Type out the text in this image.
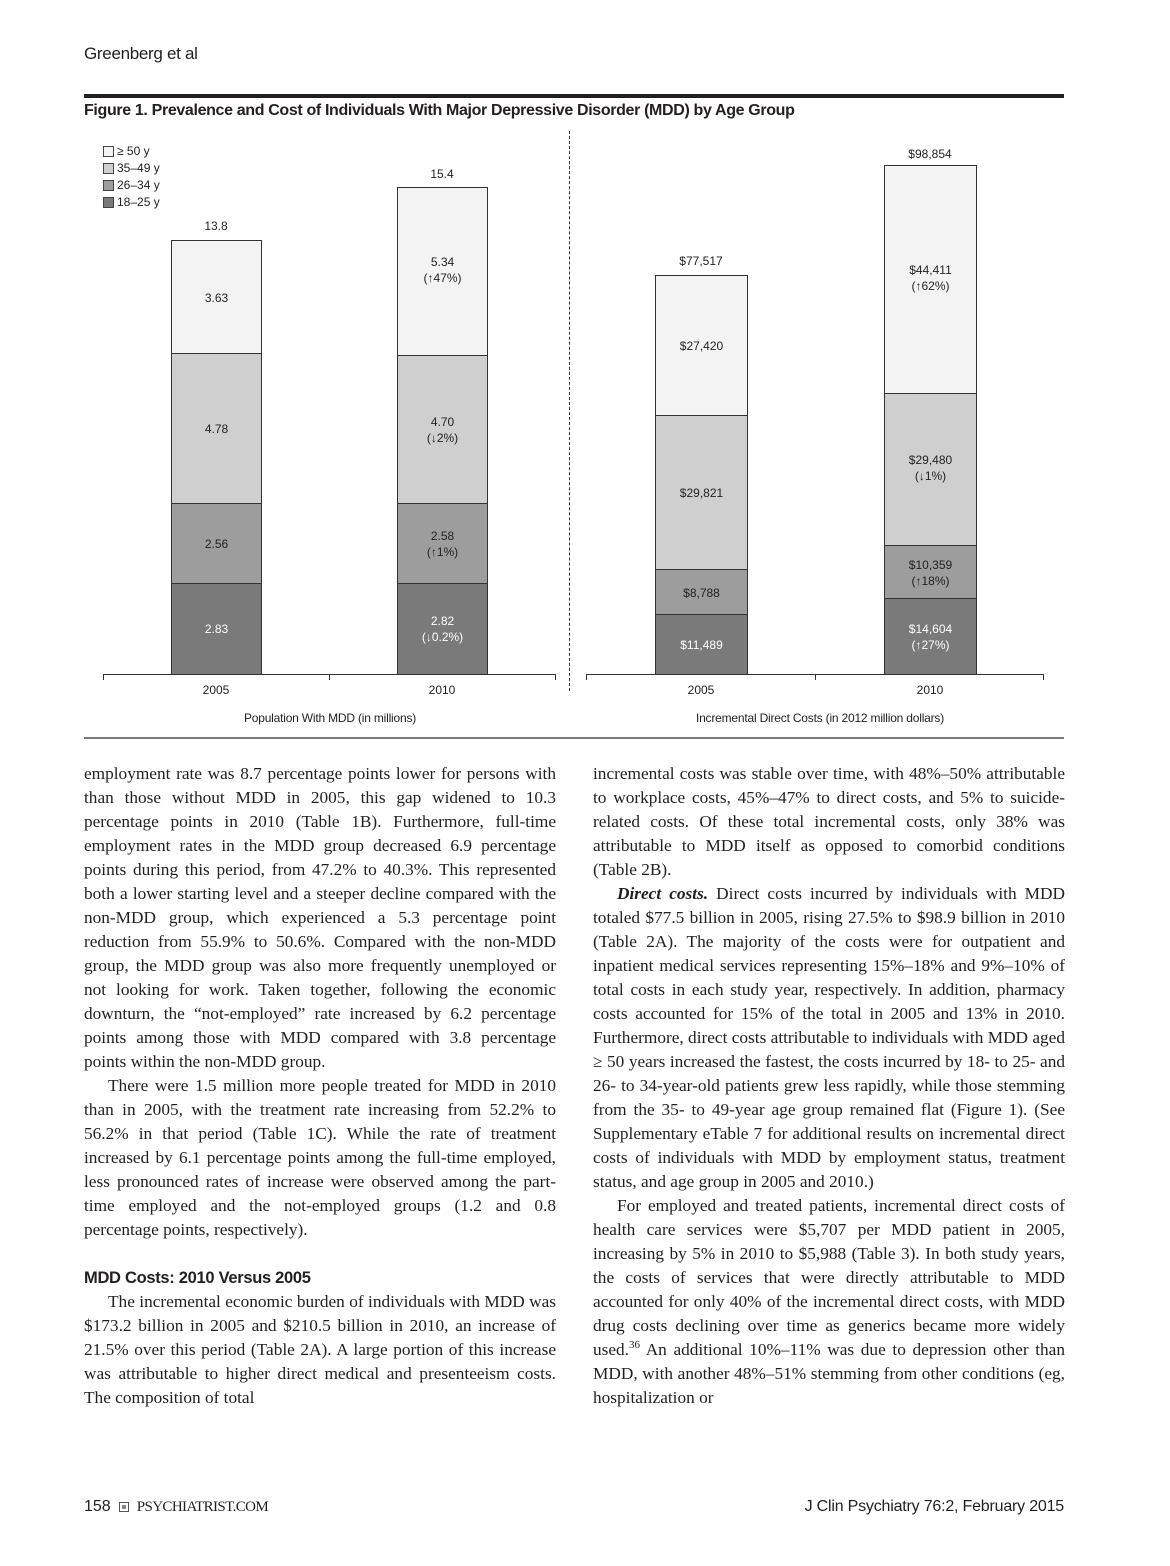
Greenberg et al
Figure 1. Prevalence and Cost of Individuals With Major Depressive Disorder (MDD) by Age Group
≥ 50 y
35–49 y
26–34 y
18–25 y
13.8
3.63
4.78
2.56
2.83
15.4
5.34
(↑47%)
4.70
(↓2%)
2.58
(↑1%)
2.82
(↓0.2%)
2005	2010
Population With MDD (in millions)
$77,517
$27,420
$29,821
$8,788
$11,489
$98,854
$44,411
(↑62%)
$29,480
(↓1%)
$10,359
(↑18%)
$14,604
(↑27%)
2005	2010
Incremental Direct Costs (in 2012 million dollars)

employment rate was 8.7 percentage points lower for persons with than those without MDD in 2005, this gap widened to 10.3 percentage points in 2010 (Table 1B). Furthermore, full-time employment rates in the MDD group decreased 6.9 percentage points during this period, from 47.2% to 40.3%. This represented both a lower starting level and a steeper decline compared with the non-MDD group, which experienced a 5.3 percentage point reduction from 55.9% to 50.6%. Compared with the non-MDD group, the MDD group was also more frequently unemployed or not looking for work. Taken together, following the economic downturn, the “not-employed” rate increased by 6.2 percentage points among those with MDD compared with 3.8 percentage points within the non-MDD group.

There were 1.5 million more people treated for MDD in 2010 than in 2005, with the treatment rate increasing from 52.2% to 56.2% in that period (Table 1C). While the rate of treatment increased by 6.1 percentage points among the full-time employed, less pronounced rates of increase were observed among the part-time employed and the not-employed groups (1.2 and 0.8 percentage points, respectively).

MDD Costs: 2010 Versus 2005

The incremental economic burden of individuals with MDD was $173.2 billion in 2005 and $210.5 billion in 2010, an increase of 21.5% over this period (Table 2A). A large portion of this increase was attributable to higher direct medical and presenteeism costs. The composition of total

incremental costs was stable over time, with 48%–50% attributable to workplace costs, 45%–47% to direct costs, and 5% to suicide-related costs. Of these total incremental costs, only 38% was attributable to MDD itself as opposed to comorbid conditions (Table 2B).

Direct costs. Direct costs incurred by individuals with MDD totaled $77.5 billion in 2005, rising 27.5% to $98.9 billion in 2010 (Table 2A). The majority of the costs were for outpatient and inpatient medical services representing 15%–18% and 9%–10% of total costs in each study year, respectively. In addition, pharmacy costs accounted for 15% of the total in 2005 and 13% in 2010. Furthermore, direct costs attributable to individuals with MDD aged ≥ 50 years increased the fastest, the costs incurred by 18- to 25- and 26- to 34-year-old patients grew less rapidly, while those stemming from the 35- to 49-year age group remained flat (Figure 1). (See Supplementary eTable 7 for additional results on incremental direct costs of individuals with MDD by employment status, treatment status, and age group in 2005 and 2010.)

For employed and treated patients, incremental direct costs of health care services were $5,707 per MDD patient in 2005, increasing by 5% in 2010 to $5,988 (Table 3). In both study years, the costs of services that were directly attributable to MDD accounted for only 40% of the incremental direct costs, with MDD drug costs declining over time as generics became more widely used.$^{36}$ An additional 10%–11% was due to depression other than MDD, with another 48%–51% stemming from other conditions (eg, hospitalization or

158 PSYCHIATRIST.COM	J Clin Psychiatry 76:2, February 2015
